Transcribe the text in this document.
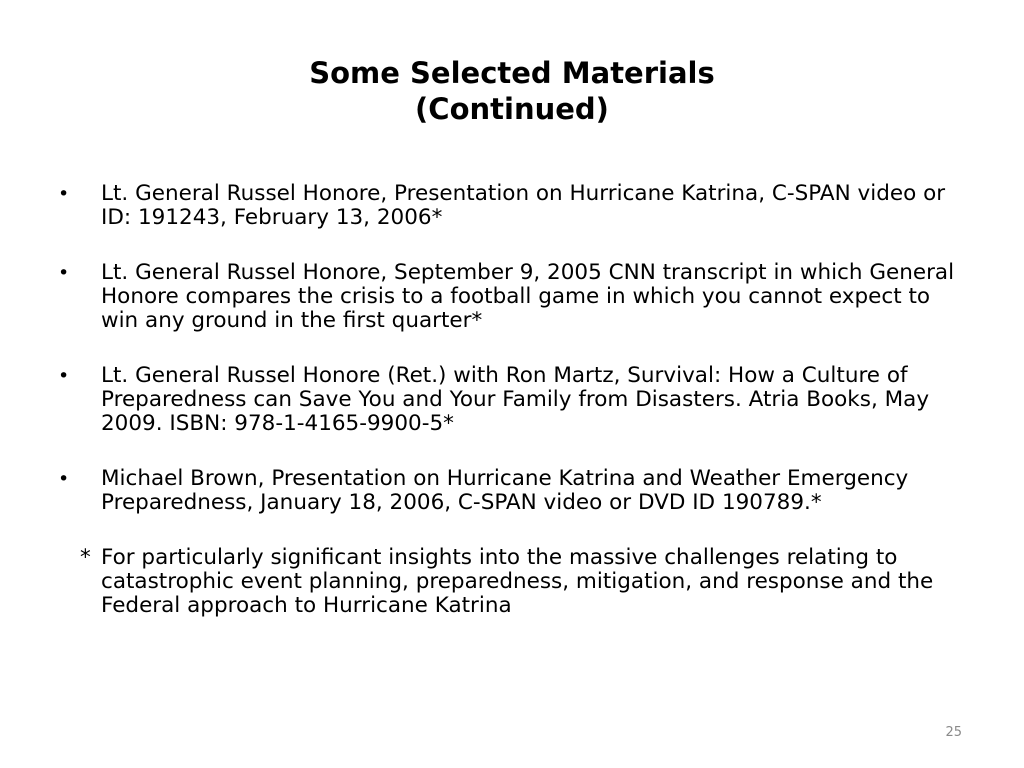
Some Selected Materials
(Continued)
•	Lt. General Russel Honore, Presentation on Hurricane Katrina, C-SPAN video or ID: 191243, February 13, 2006*
•	Lt. General Russel Honore, September 9, 2005 CNN transcript in which General Honore compares the crisis to a football game in which you cannot expect to win any ground in the first quarter*
•	Lt. General Russel Honore (Ret.) with Ron Martz, Survival: How a Culture of Preparedness can Save You and Your Family from Disasters. Atria Books, May 2009. ISBN: 978-1-4165-9900-5*
•	Michael Brown, Presentation on Hurricane Katrina and Weather Emergency Preparedness, January 18, 2006, C-SPAN video or DVD ID 190789.*
* For particularly significant insights into the massive challenges relating to catastrophic event planning, preparedness, mitigation, and response and the Federal approach to Hurricane Katrina
25
